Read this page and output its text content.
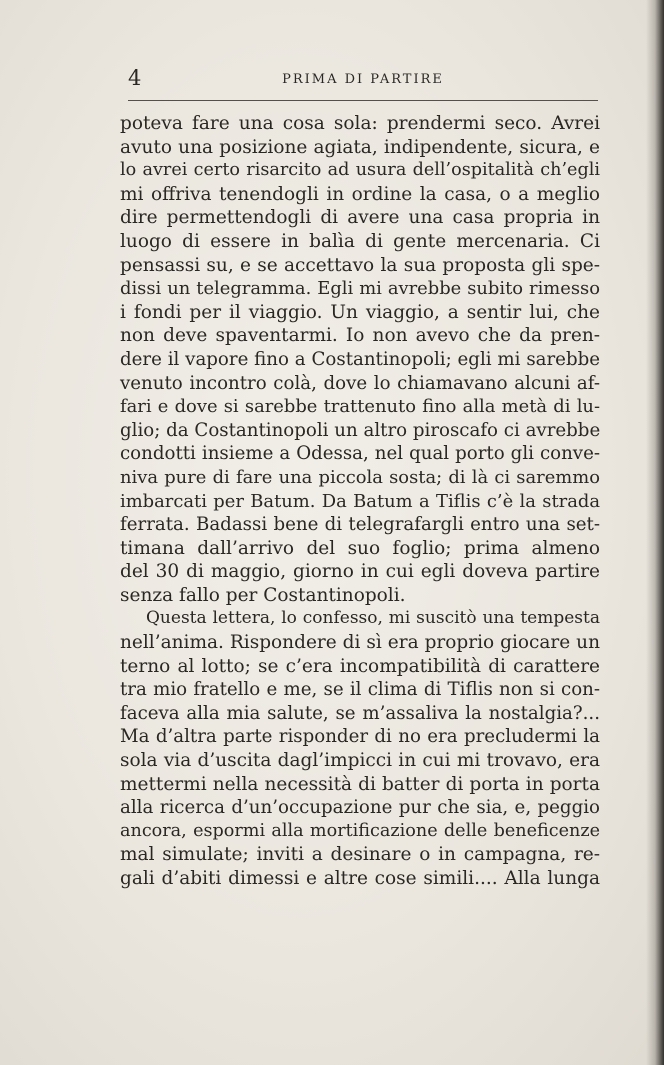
4	PRIMA DI PARTIRE
poteva fare una cosa sola: prendermi seco. Avrei
avuto una posizione agiata, indipendente, sicura, e
lo avrei certo risarcito ad usura dell’ospitalità ch’egli
mi offriva tenendogli in ordine la casa, o a meglio
dire permettendogli di avere una casa propria in
luogo di essere in balìa di gente mercenaria. Ci
pensassi su, e se accettavo la sua proposta gli spe-
dissi un telegramma. Egli mi avrebbe subito rimesso
i fondi per il viaggio. Un viaggio, a sentir lui, che
non deve spaventarmi. Io non avevo che da pren-
dere il vapore fino a Costantinopoli; egli mi sarebbe
venuto incontro colà, dove lo chiamavano alcuni af-
fari e dove si sarebbe trattenuto fino alla metà di lu-
glio; da Costantinopoli un altro piroscafo ci avrebbe
condotti insieme a Odessa, nel qual porto gli conve-
niva pure di fare una piccola sosta; di là ci saremmo
imbarcati per Batum. Da Batum a Tiflis c’è la strada
ferrata. Badassi bene di telegrafargli entro una set-
timana dall’arrivo del suo foglio; prima almeno
del 30 di maggio, giorno in cui egli doveva partire
senza fallo per Costantinopoli.
Questa lettera, lo confesso, mi suscitò una tempesta
nell’anima. Rispondere di sì era proprio giocare un
terno al lotto; se c’era incompatibilità di carattere
tra mio fratello e me, se il clima di Tiflis non si con-
faceva alla mia salute, se m’assaliva la nostalgia?...
Ma d’altra parte risponder di no era precludermi la
sola via d’uscita dagl’impicci in cui mi trovavo, era
mettermi nella necessità di batter di porta in porta
alla ricerca d’un’occupazione pur che sia, e, peggio
ancora, espormi alla mortificazione delle beneficenze
mal simulate; inviti a desinare o in campagna, re-
gali d’abiti dimessi e altre cose simili.... Alla lunga
